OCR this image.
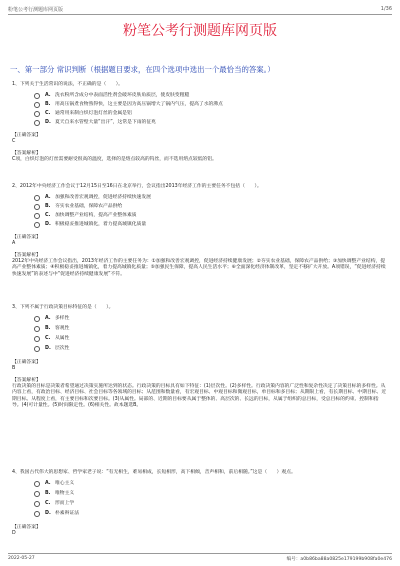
粉笔公考行测题库网页版	1/36
粉笔公考行测题库网页版
一、第一部分 常识判断（根据题目要求，在四个选项中选出一个最恰当的答案。）

1、下列关于生活常识的说法，不正确的是（　　）。

A. 洗衣粉所含成分中表面活性剂会破坏皮肤角质层，使皮肤变粗糙
B. 用高压锅煮食物熟得快，这主要是因为高压锅增大了锅内气压，提高了水的沸点
C. 通常用来制白炽灯泡灯丝的金属是铝
D. 夏天自来水管壁大量“出汗”，这常是下雨的征兆
【正确答案】
C
【答案解析】

C项，白炽灯泡的灯丝需要耐受很高的温度，选择的是熔点较高的钨丝，而不选用熔点较低的铝。

2、2012年中央经济工作会议于12月15日至16日在北京举行，会议指出2013年经济工作的主要任务不包括（　　）。

A. 加强和改善宏观调控，促进经济持续快速发展
B. 夯实农业基础，保障农产品供给
C. 加快调整产业结构，提高产业整体素质
D. 积极稳妥推进城镇化，着力提高城镇化质量
【正确答案】
A
【答案解析】

2012年中央经济工作会议指出，2013年经济工作的主要任务为：①加强和改善宏观调控，促进经济持续健康发展；②夯实农业基础，保障农产品供给；③加快调整产业结构，提高产业整体素质；④积极稳妥推进城镇化，着力提高城镇化质量；⑤加强民生保障，提高人民生活水平；⑥全面深化经济体制改革，坚定不移扩大开放。A项错误，“促进经济持续快速发展”的表述与中“促进经济持续健康发展”不符。

3、下列不属于行政决策目标特征的是（　　）。

A. 多样性
B. 客观性
C. 从属性
D. 层次性
【正确答案】
B
【答案解析】

行政决策的目标是决策者希望通过决策实施所达到的状态。行政决策的目标具有如下特征：(1)层次性。(2)多样性。行政决策内容的广泛性和复杂性决定了决策目标的多样性。从内容上看，有政治目标、经济目标、社会目标等各领域的目标；从范围和数量看，有宏观目标、中观目标和微观目标，单目标和多目标；从期限上看，有长期目标、中期目标、近期目标。从程度上看，有主要目标和次要目标。(3)从属性。局部的、近期的目标要从属于整体的、高层次的、长远的目标，从属于组织的总目标，受总目标的约束、控制和指导。(4)可计量性。(5)时间限定性。(6)相关性。故本题选B。

4、我国古代伟大的思想家、哲学家老子说：“有无相生，难易相成，长短相形，高下相倾，音声相和，前后相随。”这是（　　）观点。

A. 唯心主义
B. 唯物主义
C. 形而上学
D. 朴素辩证法
【正确答案】
D
2022-05-27	编号：a0b86ba88a0825e179199b908fa0e476
